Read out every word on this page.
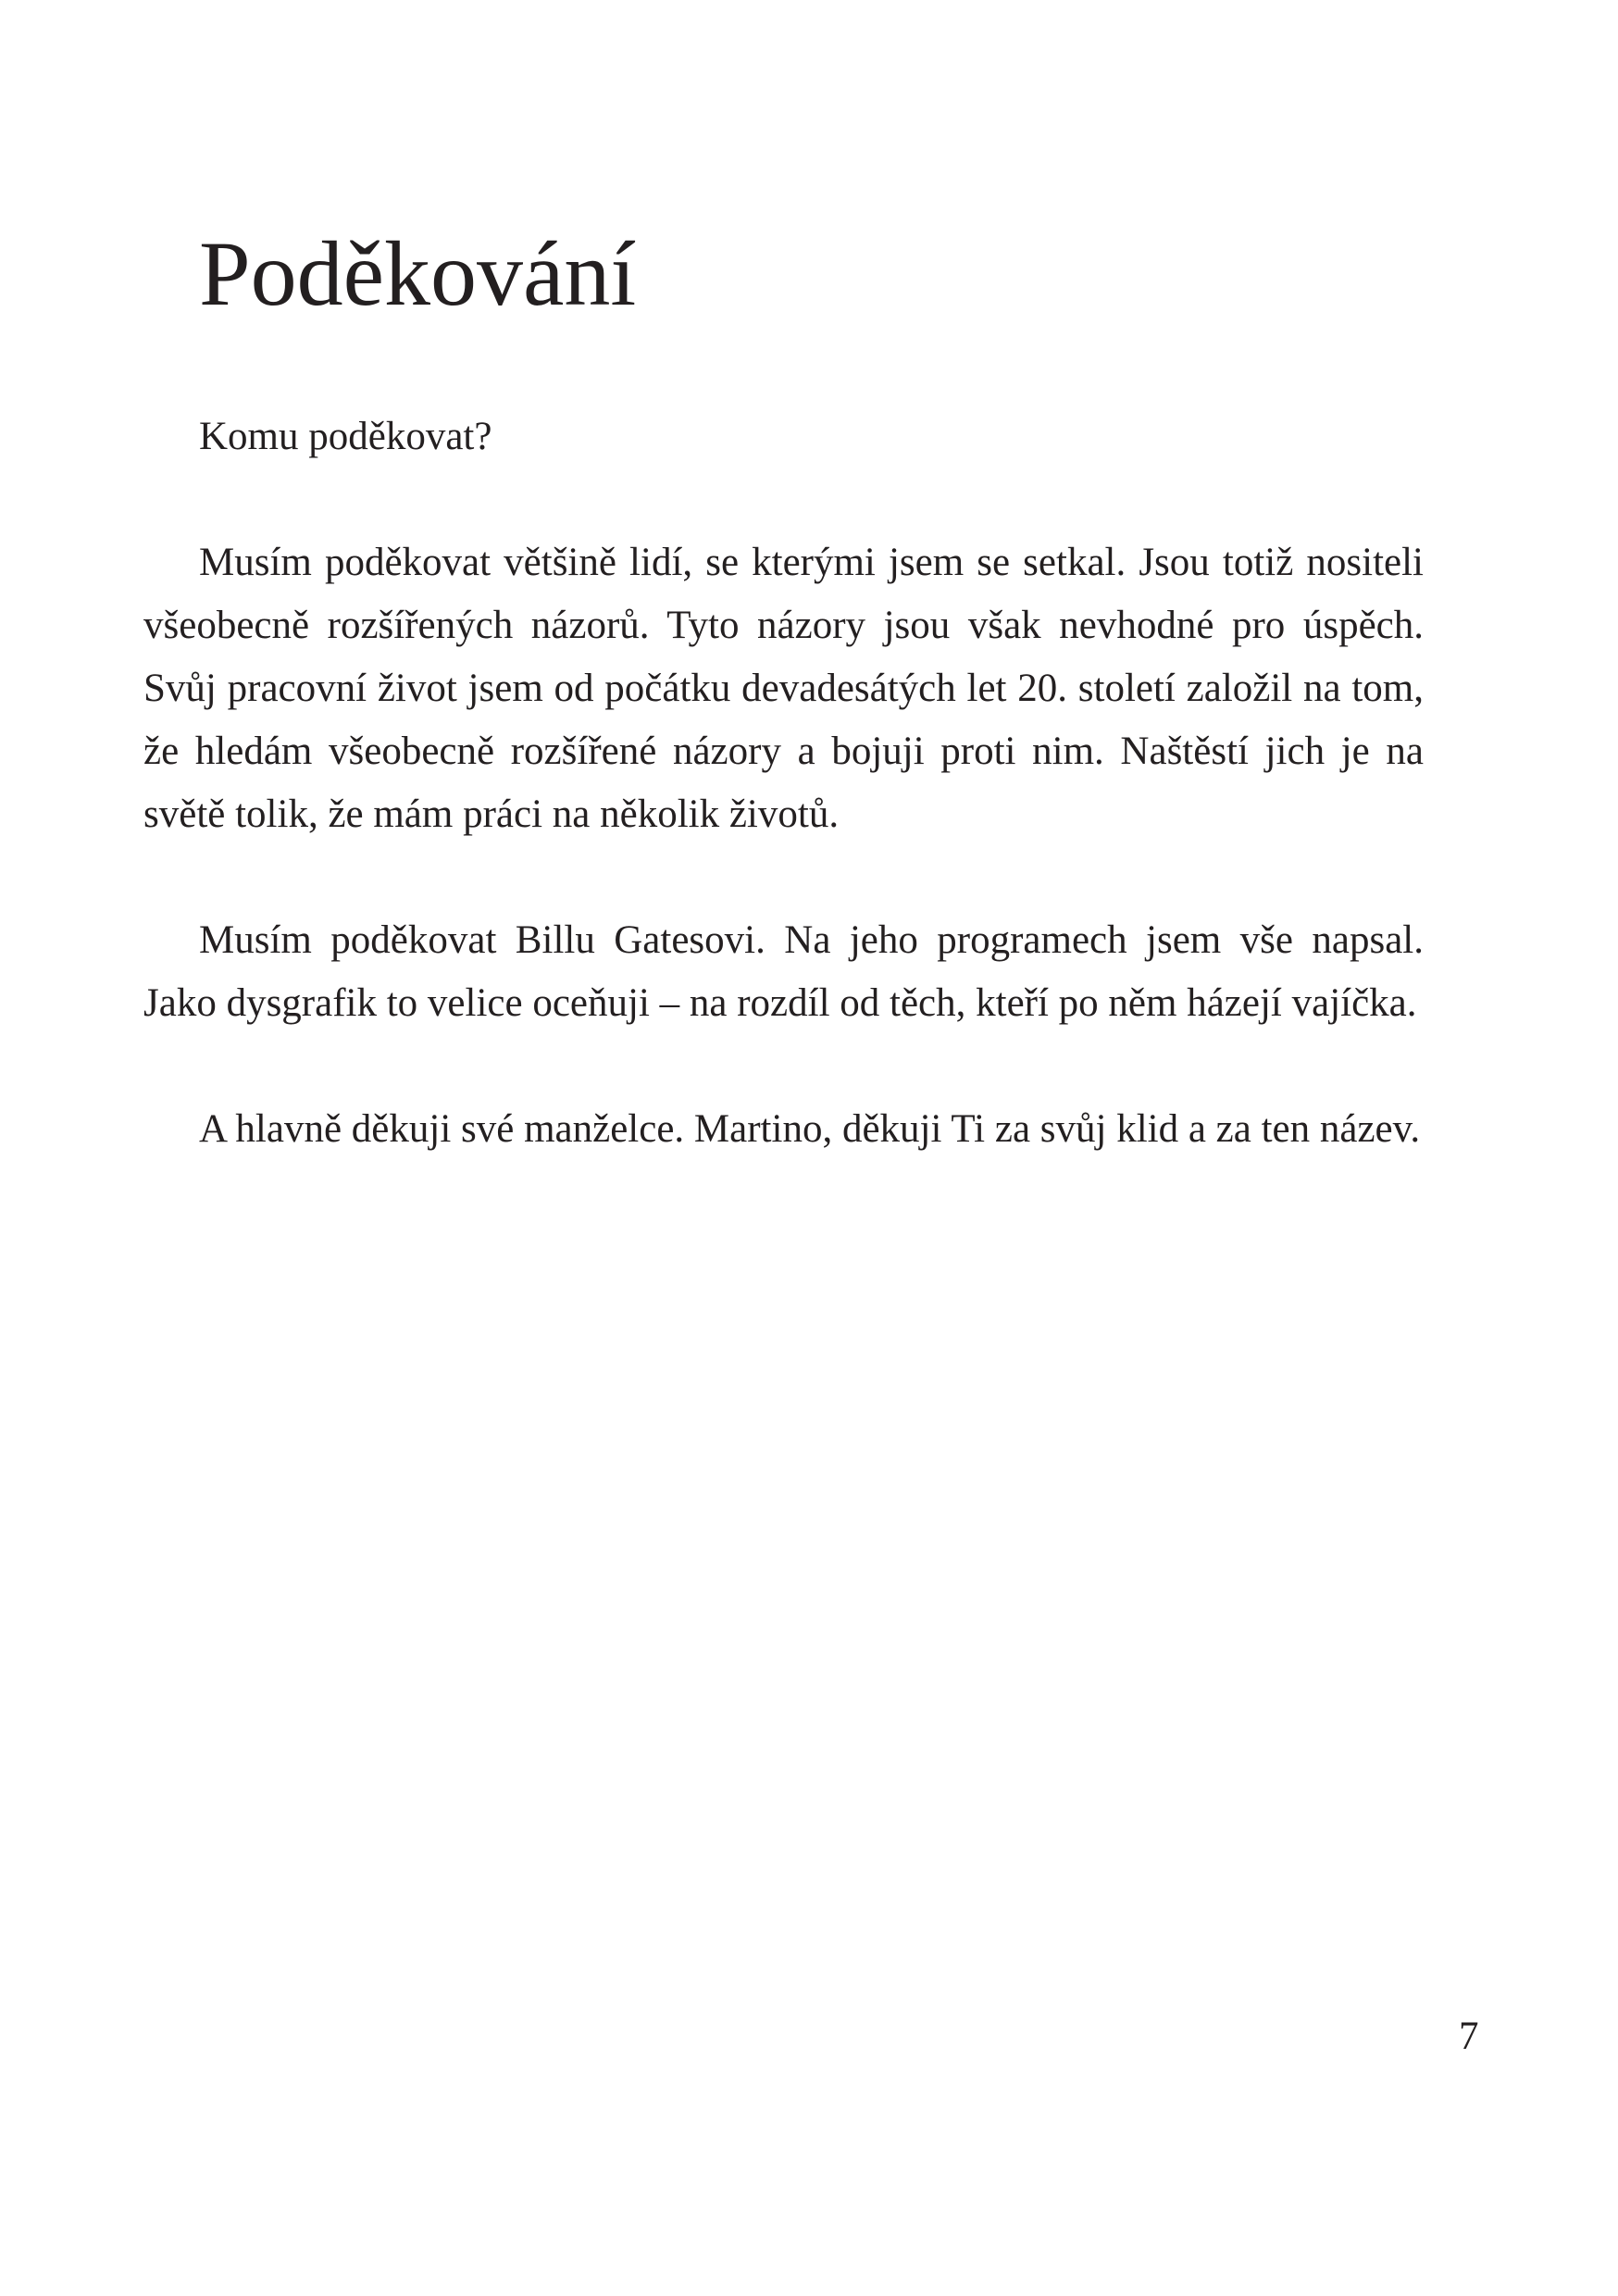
Poděkování

Komu poděkovat?

Musím poděkovat většině lidí, se kterými jsem se setkal. Jsou totiž nositeli všeobecně rozšířených názorů. Tyto názory jsou však nevhodné pro úspěch. Svůj pracovní život jsem od počátku devadesátých let 20. století založil na tom, že hledám všeobecně rozšířené názory a bojuji proti nim. Naštěstí jich je na světě tolik, že mám práci na několik životů.

Musím poděkovat Billu Gatesovi. Na jeho programech jsem vše napsal. Jako dysgrafik to velice oceňuji – na rozdíl od těch, kteří po něm házejí vajíčka.

A hlavně děkuji své manželce. Martino, děkuji Ti za svůj klid a za ten název.

7
